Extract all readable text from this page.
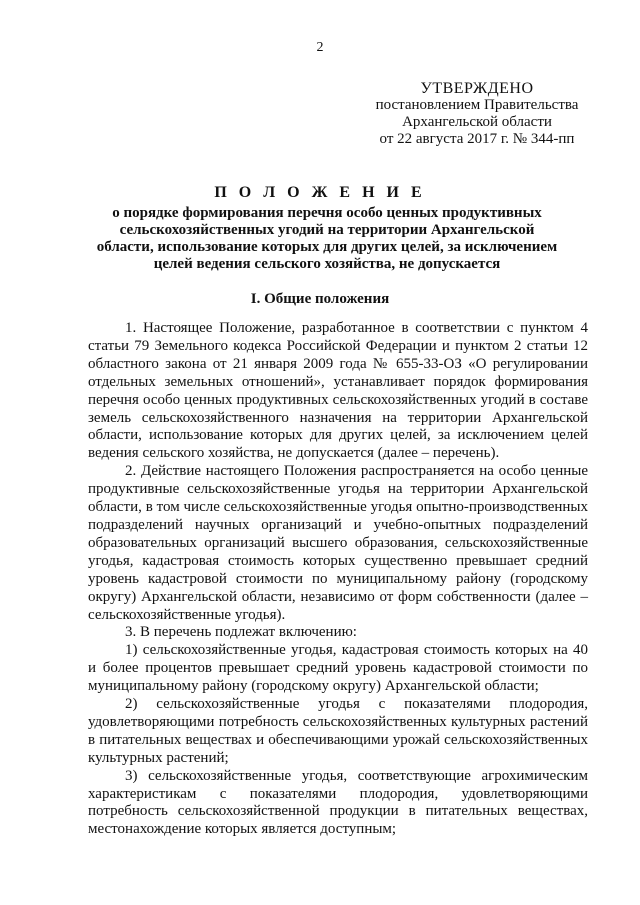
2
УТВЕРЖДЕНО
постановлением Правительства
Архангельской области
от 22 августа 2017 г. № 344-пп
П О Л О Ж Е Н И Е
о порядке формирования перечня особо ценных продуктивных сельскохозяйственных угодий на территории Архангельской области, использование которых для других целей, за исключением целей ведения сельского хозяйства, не допускается
I. Общие положения

1. Настоящее Положение, разработанное в соответствии с пунктом 4 статьи 79 Земельного кодекса Российской Федерации и пунктом 2 статьи 12 областного закона от 21 января 2009 года № 655-33-ОЗ «О регулировании отдельных земельных отношений», устанавливает порядок формирования перечня особо ценных продуктивных сельскохозяйственных угодий в составе земель сельскохозяйственного назначения на территории Архангельской области, использование которых для других целей, за исключением целей ведения сельского хозяйства, не допускается (далее – перечень).

2. Действие настоящего Положения распространяется на особо ценные продуктивные сельскохозяйственные угодья на территории Архангельской области, в том числе сельскохозяйственные угодья опытно-производственных подразделений научных организаций и учебно-опытных подразделений образовательных организаций высшего образования, сельскохозяйственные угодья, кадастровая стоимость которых существенно превышает средний уровень кадастровой стоимости по муниципальному району (городскому округу) Архангельской области, независимо от форм собственности (далее – сельскохозяйственные угодья).

3. В перечень подлежат включению:

1) сельскохозяйственные угодья, кадастровая стоимость которых на 40 и более процентов превышает средний уровень кадастровой стоимости по муниципальному району (городскому округу) Архангельской области;

2) сельскохозяйственные угодья с показателями плодородия, удовлетворяющими потребность сельскохозяйственных культурных растений в питательных веществах и обеспечивающими урожай сельскохозяйственных культурных растений;

3) сельскохозяйственные угодья, соответствующие агрохимическим характеристикам с показателями плодородия, удовлетворяющими потребность сельскохозяйственной продукции в питательных веществах, местонахождение которых является доступным;
